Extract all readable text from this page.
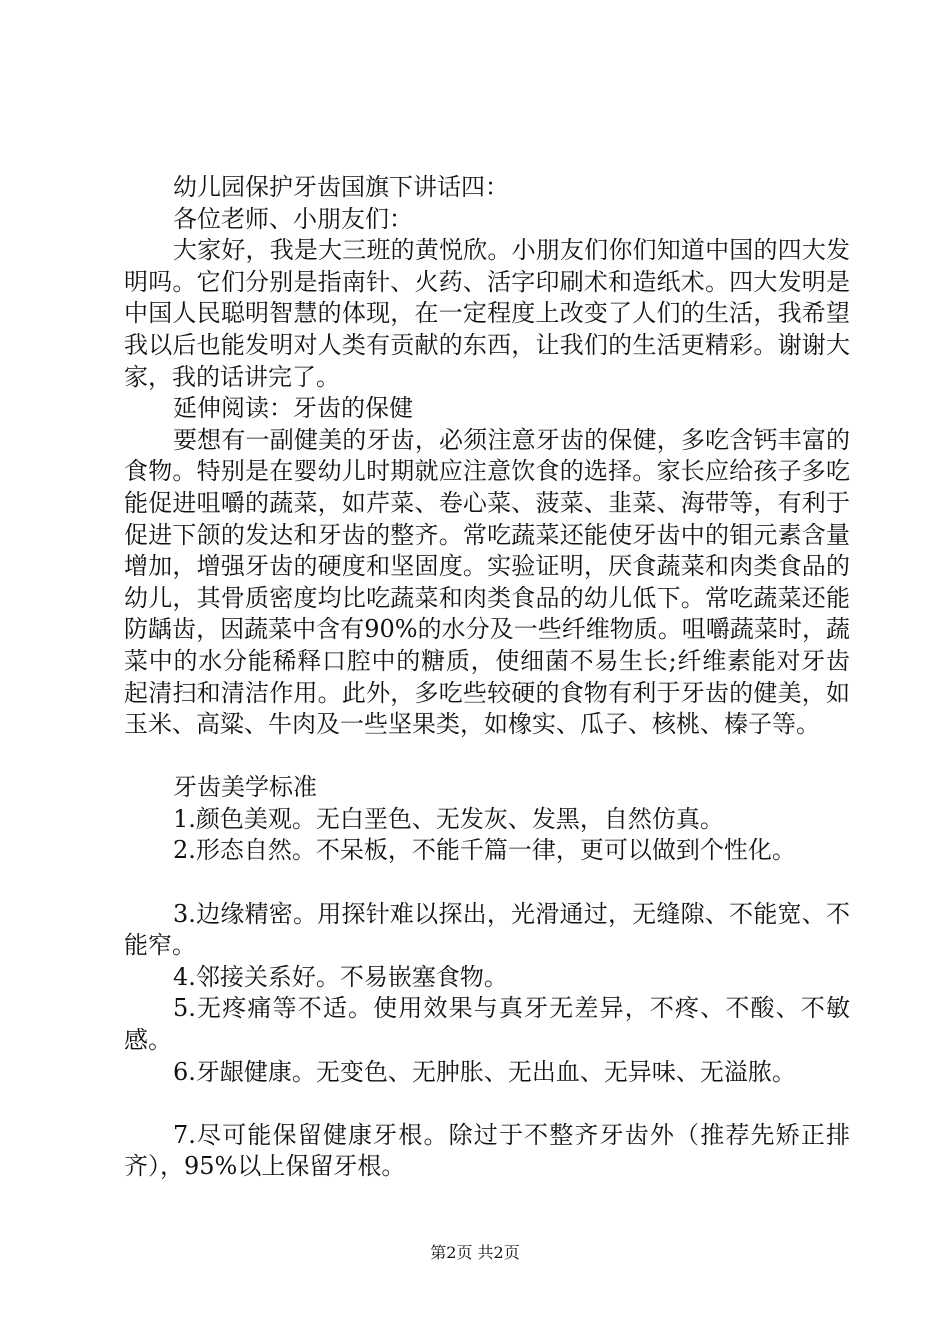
幼儿园保护牙齿国旗下讲话四：

各位老师、小朋友们：

大家好，我是大三班的黄悦欣。小朋友们你们知道中国的四大发明吗。它们分别是指南针、火药、活字印刷术和造纸术。四大发明是中国人民聪明智慧的体现，在一定程度上改变了人们的生活，我希望我以后也能发明对人类有贡献的东西，让我们的生活更精彩。谢谢大家，我的话讲完了。

延伸阅读：牙齿的保健

要想有一副健美的牙齿，必须注意牙齿的保健，多吃含钙丰富的食物。特别是在婴幼儿时期就应注意饮食的选择。家长应给孩子多吃能促进咀嚼的蔬菜，如芹菜、卷心菜、菠菜、韭菜、海带等，有利于促进下颌的发达和牙齿的整齐。常吃蔬菜还能使牙齿中的钼元素含量增加，增强牙齿的硬度和坚固度。实验证明，厌食蔬菜和肉类食品的幼儿，其骨质密度均比吃蔬菜和肉类食品的幼儿低下。常吃蔬菜还能防龋齿，因蔬菜中含有90%的水分及一些纤维物质。咀嚼蔬菜时，蔬菜中的水分能稀释口腔中的糖质，使细菌不易生长;纤维素能对牙齿起清扫和清洁作用。此外，多吃些较硬的食物有利于牙齿的健美，如玉米、高粱、牛肉及一些坚果类，如橡实、瓜子、核桃、榛子等。

牙齿美学标准

1.颜色美观。无白垩色、无发灰、发黑，自然仿真。

2.形态自然。不呆板，不能千篇一律，更可以做到个性化。

3.边缘精密。用探针难以探出，光滑通过，无缝隙、不能宽、不能窄。

4.邻接关系好。不易嵌塞食物。

5.无疼痛等不适。使用效果与真牙无差异，不疼、不酸、不敏感。

6.牙龈健康。无变色、无肿胀、无出血、无异味、无溢脓。

7.尽可能保留健康牙根。除过于不整齐牙齿外（推荐先矫正排齐），95%以上保留牙根。

第2页 共2页
